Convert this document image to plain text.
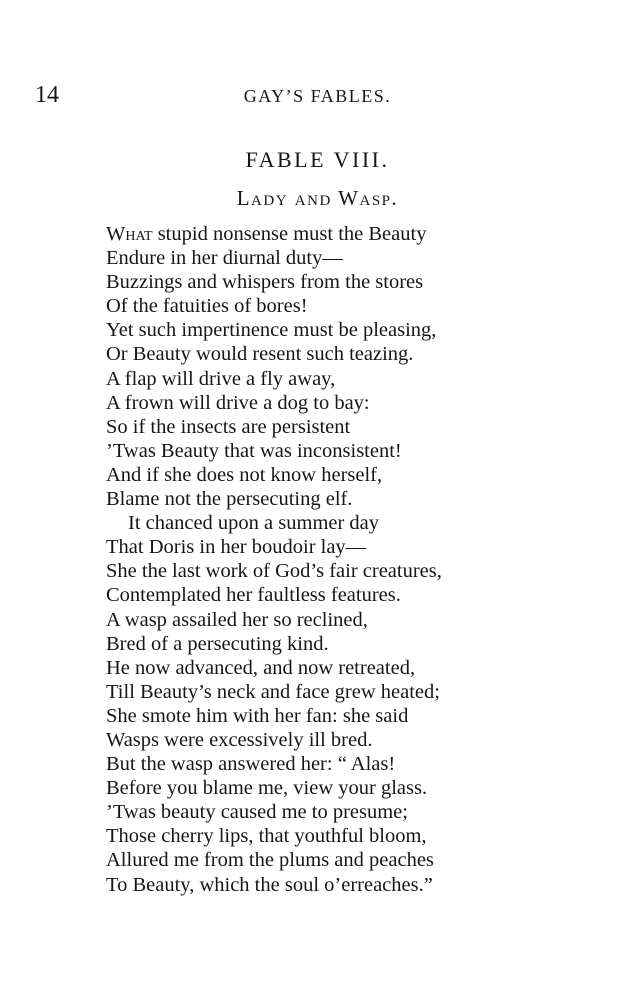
14	GAY’S FABLES.
FABLE VIII.
Lady and Wasp.
What stupid nonsense must the Beauty
Endure in her diurnal duty—
Buzzings and whispers from the stores
Of the fatuities of bores!
Yet such impertinence must be pleasing,
Or Beauty would resent such teazing.
A flap will drive a fly away,
A frown will drive a dog to bay:
So if the insects are persistent
’Twas Beauty that was inconsistent!
And if she does not know herself,
Blame not the persecuting elf.
It chanced upon a summer day
That Doris in her boudoir lay—
She the last work of God’s fair creatures,
Contemplated her faultless features.
A wasp assailed her so reclined,
Bred of a persecuting kind.
He now advanced, and now retreated,
Till Beauty’s neck and face grew heated;
She smote him with her fan: she said
Wasps were excessively ill bred.
But the wasp answered her: “ Alas!
Before you blame me, view your glass.
’Twas beauty caused me to presume;
Those cherry lips, that youthful bloom,
Allured me from the plums and peaches
To Beauty, which the soul o’erreaches.”
